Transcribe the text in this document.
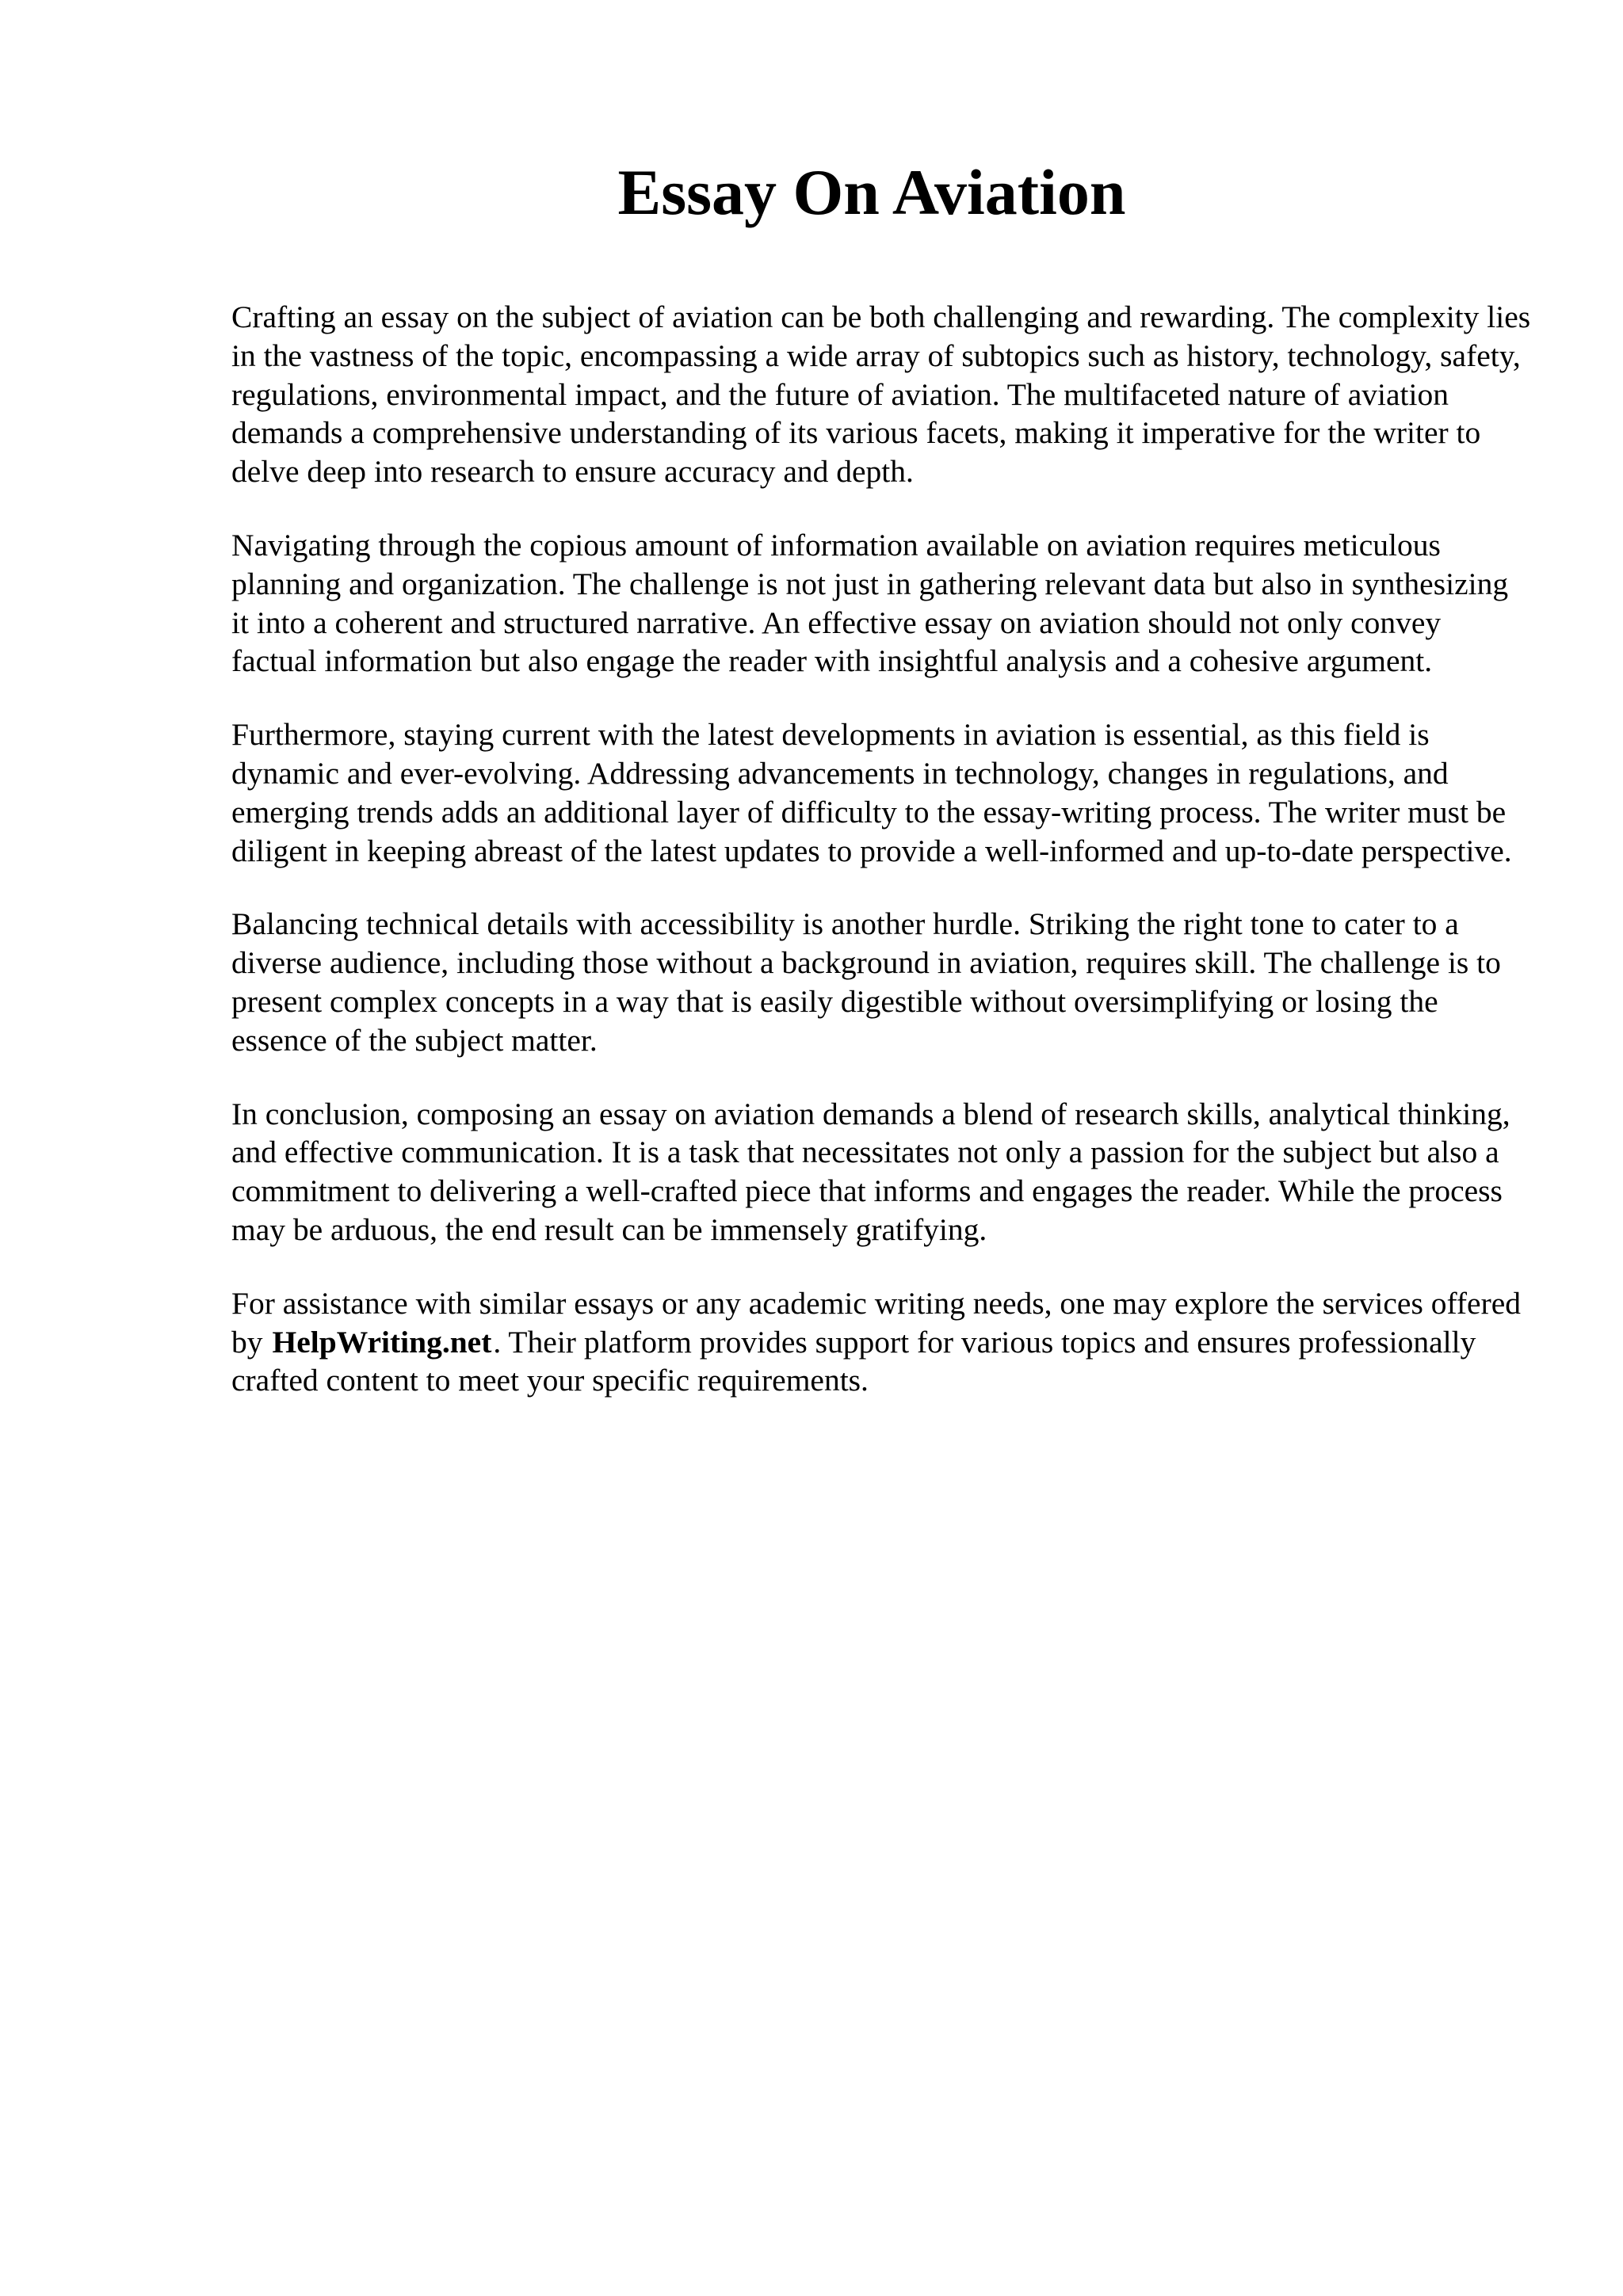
Essay On Aviation

Crafting an essay on the subject of aviation can be both challenging and rewarding. The complexity lies in the vastness of the topic, encompassing a wide array of subtopics such as history, technology, safety, regulations, environmental impact, and the future of aviation. The multifaceted nature of aviation demands a comprehensive understanding of its various facets, making it imperative for the writer to delve deep into research to ensure accuracy and depth.

Navigating through the copious amount of information available on aviation requires meticulous planning and organization. The challenge is not just in gathering relevant data but also in synthesizing it into a coherent and structured narrative. An effective essay on aviation should not only convey factual information but also engage the reader with insightful analysis and a cohesive argument.

Furthermore, staying current with the latest developments in aviation is essential, as this field is dynamic and ever-evolving. Addressing advancements in technology, changes in regulations, and emerging trends adds an additional layer of difficulty to the essay-writing process. The writer must be diligent in keeping abreast of the latest updates to provide a well-informed and up-to-date perspective.

Balancing technical details with accessibility is another hurdle. Striking the right tone to cater to a diverse audience, including those without a background in aviation, requires skill. The challenge is to present complex concepts in a way that is easily digestible without oversimplifying or losing the essence of the subject matter.

In conclusion, composing an essay on aviation demands a blend of research skills, analytical thinking, and effective communication. It is a task that necessitates not only a passion for the subject but also a commitment to delivering a well-crafted piece that informs and engages the reader. While the process may be arduous, the end result can be immensely gratifying.

For assistance with similar essays or any academic writing needs, one may explore the services offered by HelpWriting.net. Their platform provides support for various topics and ensures professionally crafted content to meet your specific requirements.
